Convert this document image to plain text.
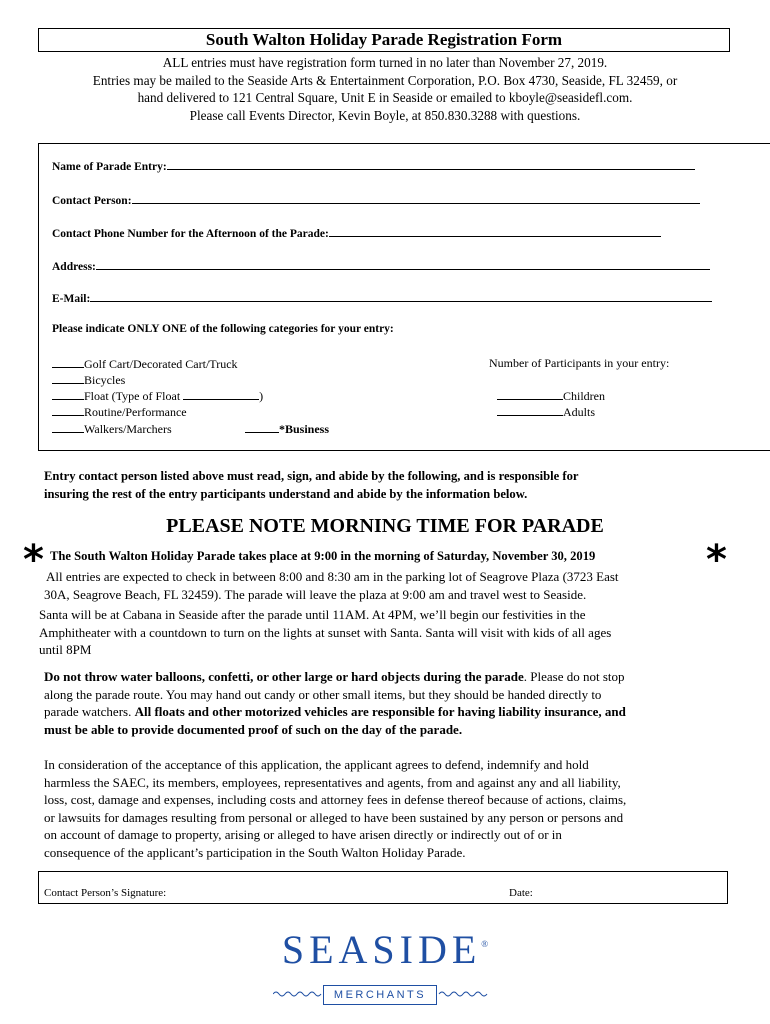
South Walton Holiday Parade Registration Form
ALL entries must have registration form turned in no later than November 27, 2019.
Entries may be mailed to the Seaside Arts & Entertainment Corporation, P.O. Box 4730, Seaside, FL 32459, or
hand delivered to 121 Central Square, Unit E in Seaside or emailed to kboyle@seasidefl.com.
Please call Events Director, Kevin Boyle, at 850.830.3288 with questions.
Name of Parade Entry:
Contact Person:
Contact Phone Number for the Afternoon of the Parade:
Address:
E-Mail:
Please indicate ONLY ONE of the following categories for your entry:
Golf Cart/Decorated Cart/Truck
Bicycles
Float (Type of Float	)
Routine/Performance
Walkers/Marchers	*Business
Number of Participants in your entry:
Children
Adults
Entry contact person listed above must read, sign, and abide by the following, and is responsible for
insuring the rest of the entry participants understand and abide by the information below.
PLEASE NOTE MORNING TIME FOR PARADE
* The South Walton Holiday Parade takes place at 9:00 in the morning of Saturday, November 30, 2019	*
All entries are expected to check in between 8:00 and 8:30 am in the parking lot of Seagrove Plaza (3723 East
30A, Seagrove Beach, FL 32459). The parade will leave the plaza at 9:00 am and travel west to Seaside.
Santa will be at Cabana in Seaside after the parade until 11AM. At 4PM, we’ll begin our festivities in the
Amphitheater with a countdown to turn on the lights at sunset with Santa. Santa will visit with kids of all ages
until 8PM
Do not throw water balloons, confetti, or other large or hard objects during the parade. Please do not stop
along the parade route. You may hand out candy or other small items, but they should be handed directly to
parade watchers. All floats and other motorized vehicles are responsible for having liability insurance, and
must be able to provide documented proof of such on the day of the parade.
In consideration of the acceptance of this application, the applicant agrees to defend, indemnify and hold
harmless the SAEC, its members, employees, representatives and agents, from and against any and all liability,
loss, cost, damage and expenses, including costs and attorney fees in defense thereof because of actions, claims,
or lawsuits for damages resulting from personal or alleged to have been sustained by any person or persons and
on account of damage to property, arising or alleged to have arisen directly or indirectly out of or in
consequence of the applicant’s participation in the South Walton Holiday Parade.
Contact Person’s Signature:	Date:
SEASIDE®
MERCHANTS
